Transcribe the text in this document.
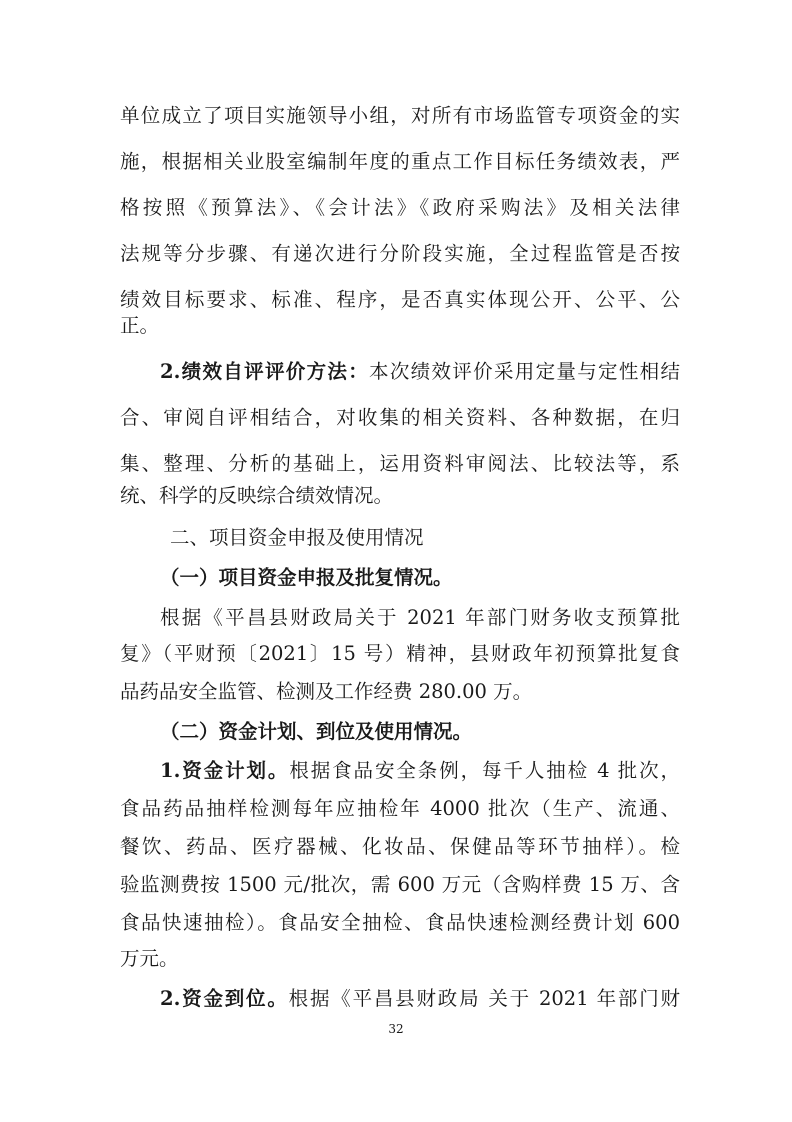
单位成立了项目实施领导小组，对所有市场监管专项资金的实
施，根据相关业股室编制年度的重点工作目标任务绩效表，严
格按照《预算法》、《会计法》《政府采购法》及相关法律
法规等分步骤、有递次进行分阶段实施，全过程监管是否按
绩效目标要求、标准、程序，是否真实体现公开、公平、公
正。
2.绩效自评评价方法：本次绩效评价采用定量与定性相结
合、审阅自评相结合，对收集的相关资料、各种数据，在归
集、整理、分析的基础上，运用资料审阅法、比较法等，系
统、科学的反映综合绩效情况。
二、项目资金申报及使用情况
（一）项目资金申报及批复情况。
根据《平昌县财政局关于 2021 年部门财务收支预算批
复》（平财预〔2021〕15 号）精神，县财政年初预算批复食
品药品安全监管、检测及工作经费 280.00 万。
（二）资金计划、到位及使用情况。
1.资金计划。根据食品安全条例，每千人抽检 4 批次，
食品药品抽样检测每年应抽检年 4000 批次（生产、流通、
餐饮、药品、医疗器械、化妆品、保健品等环节抽样）。检
验监测费按 1500 元/批次，需 600 万元（含购样费 15 万、含
食品快速抽检）。食品安全抽检、食品快速检测经费计划 600
万元。
2.资金到位。根据《平昌县财政局 关于 2021 年部门财
32
